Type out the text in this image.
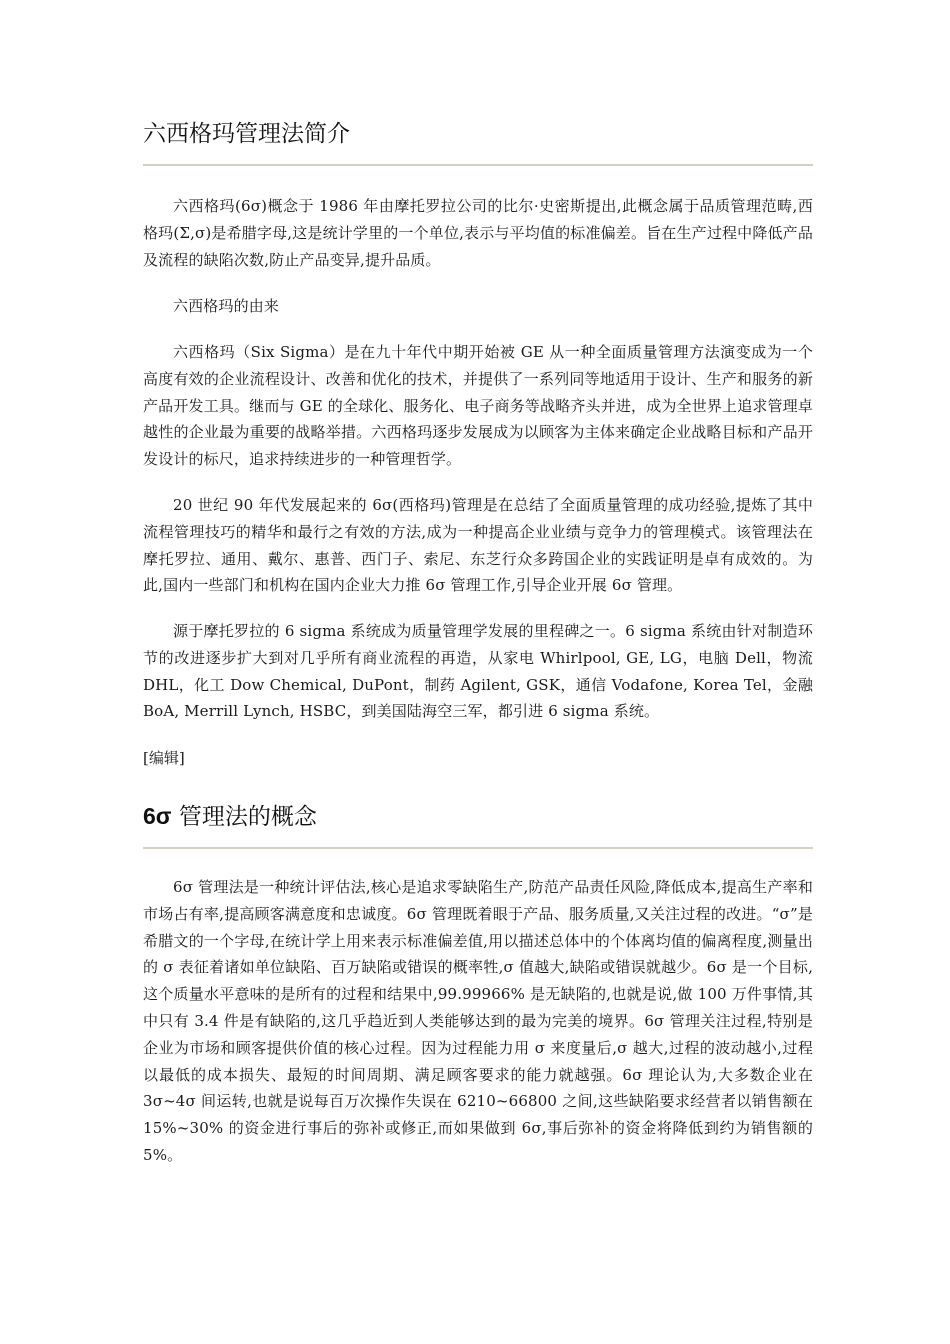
六西格玛管理法简介

六西格玛(6σ)概念于 1986 年由摩托罗拉公司的比尔·史密斯提出,此概念属于品质管理范畴,西格玛(Σ,σ)是希腊字母,这是统计学里的一个单位,表示与平均值的标准偏差。旨在生产过程中降低产品及流程的缺陷次数,防止产品变异,提升品质。

六西格玛的由来

六西格玛（Six Sigma）是在九十年代中期开始被 GE 从一种全面质量管理方法演变成为一个高度有效的企业流程设计、改善和优化的技术，并提供了一系列同等地适用于设计、生产和服务的新产品开发工具。继而与 GE 的全球化、服务化、电子商务等战略齐头并进，成为全世界上追求管理卓越性的企业最为重要的战略举措。六西格玛逐步发展成为以顾客为主体来确定企业战略目标和产品开发设计的标尺，追求持续进步的一种管理哲学。

20 世纪 90 年代发展起来的 6σ(西格玛)管理是在总结了全面质量管理的成功经验,提炼了其中流程管理技巧的精华和最行之有效的方法,成为一种提高企业业绩与竞争力的管理模式。该管理法在摩托罗拉、通用、戴尔、惠普、西门子、索尼、东芝行众多跨国企业的实践证明是卓有成效的。为此,国内一些部门和机构在国内企业大力推 6σ 管理工作,引导企业开展 6σ 管理。

源于摩托罗拉的 6 sigma 系统成为质量管理学发展的里程碑之一。6 sigma 系统由针对制造环节的改进逐步扩大到对几乎所有商业流程的再造，从家电 Whirlpool, GE, LG，电脑 Dell，物流 DHL，化工 Dow Chemical, DuPont，制药 Agilent, GSK，通信 Vodafone, Korea Tel，金融 BoA, Merrill Lynch, HSBC，到美国陆海空三军，都引进 6 sigma 系统。

[编辑]

6σ 管理法的概念

6σ 管理法是一种统计评估法,核心是追求零缺陷生产,防范产品责任风险,降低成本,提高生产率和市场占有率,提高顾客满意度和忠诚度。6σ 管理既着眼于产品、服务质量,又关注过程的改进。“σ”是希腊文的一个字母,在统计学上用来表示标准偏差值,用以描述总体中的个体离均值的偏离程度,测量出的 σ 表征着诸如单位缺陷、百万缺陷或错误的概率牲,σ 值越大,缺陷或错误就越少。6σ 是一个目标,这个质量水平意味的是所有的过程和结果中,99.99966% 是无缺陷的,也就是说,做 100 万件事情,其中只有 3.4 件是有缺陷的,这几乎趋近到人类能够达到的最为完美的境界。6σ 管理关注过程,特别是企业为市场和顾客提供价值的核心过程。因为过程能力用 σ 来度量后,σ 越大,过程的波动越小,过程以最低的成本损失、最短的时间周期、满足顾客要求的能力就越强。6σ 理论认为,大多数企业在 3σ~4σ 间运转,也就是说每百万次操作失误在 6210~66800 之间,这些缺陷要求经营者以销售额在 15%~30% 的资金进行事后的弥补或修正,而如果做到 6σ,事后弥补的资金将降低到约为销售额的 5%。
